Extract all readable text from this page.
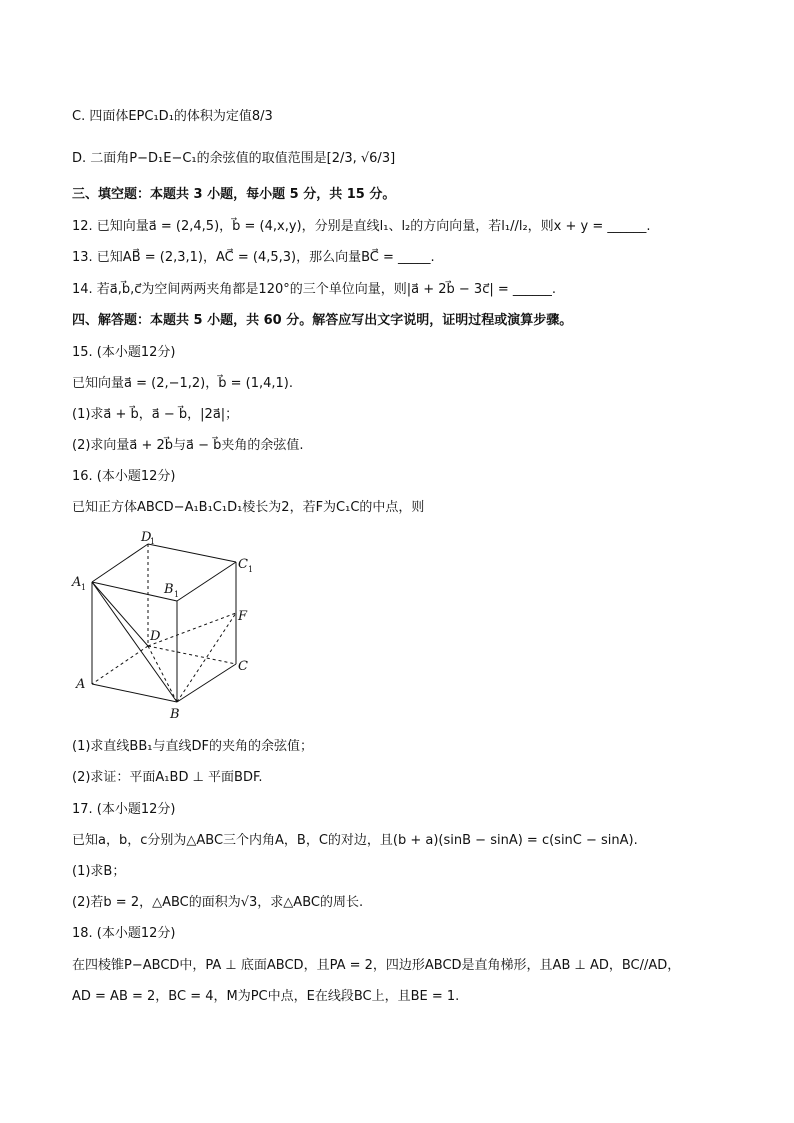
C. 四面体EPC₁D₁的体积为定值8/3
D. 二面角P−D₁E−C₁的余弦值的取值范围是[2/3, √6/3]
三、填空题：本题共 3 小题，每小题 5 分，共 15 分。
12. 已知向量a⃗ = (2,4,5)，b⃗ = (4,x,y)，分别是直线l₁、l₂的方向向量，若l₁//l₂，则x + y = ______.
13. 已知AB⃗ = (2,3,1)，AC⃗ = (4,5,3)，那么向量BC⃗ = _____.
14. 若a⃗,b⃗,c⃗为空间两两夹角都是120°的三个单位向量，则|a⃗ + 2b⃗ − 3c⃗| = ______.
四、解答题：本题共 5 小题，共 60 分。解答应写出文字说明，证明过程或演算步骤。
15. (本小题12分)
已知向量a⃗ = (2,−1,2)，b⃗ = (1,4,1).
(1)求a⃗ + b⃗，a⃗ − b⃗，|2a⃗|；
(2)求向量a⃗ + 2b⃗与a⃗ − b⃗夹角的余弦值.
16. (本小题12分)
已知正方体ABCD−A₁B₁C₁D₁棱长为2，若F为C₁C的中点，则
D
1
C 1
A 1	B 1
F
D
C
A
B
(1)求直线BB₁与直线DF的夹角的余弦值；
(2)求证：平面A₁BD ⊥ 平面BDF.
17. (本小题12分)
已知a，b，c分别为△ABC三个内角A，B，C的对边，且(b + a)(sinB − sinA) = c(sinC − sinA).
(1)求B；
(2)若b = 2，△ABC的面积为√3，求△ABC的周长.
18. (本小题12分)
在四棱锥P−ABCD中，PA ⊥ 底面ABCD，且PA = 2，四边形ABCD是直角梯形，且AB ⊥ AD，BC//AD，
AD = AB = 2，BC = 4，M为PC中点，E在线段BC上，且BE = 1.
